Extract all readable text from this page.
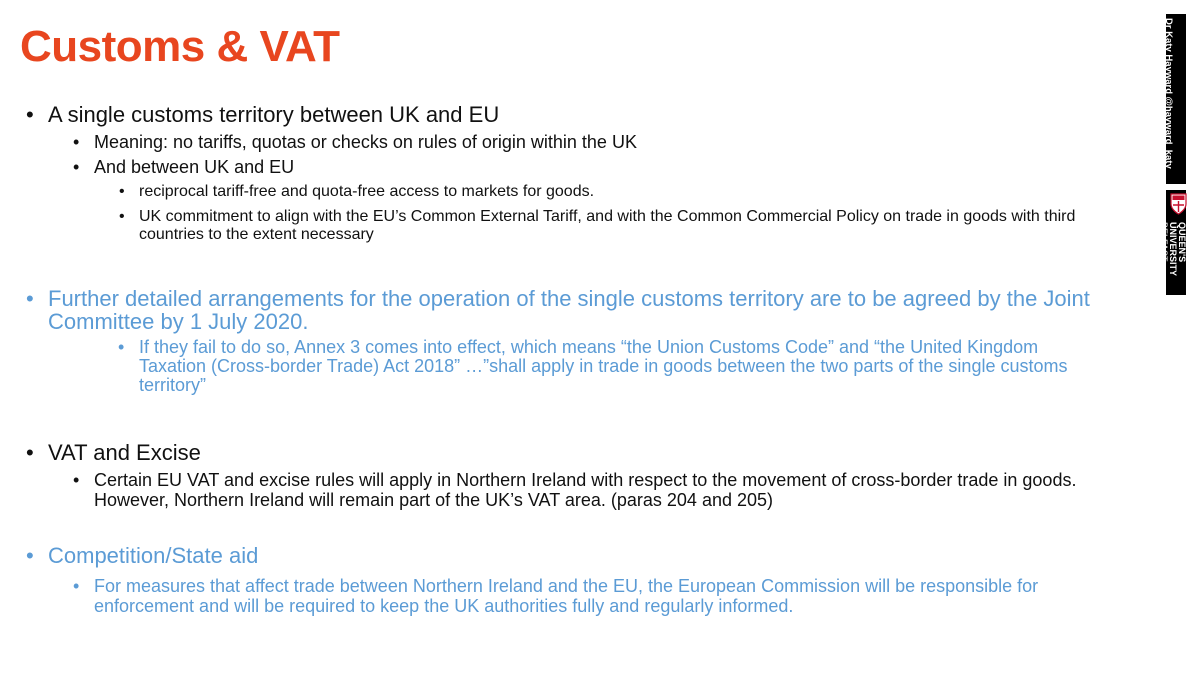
Customs & VAT
• A single customs territory between UK and EU
• Meaning: no tariffs, quotas or checks on rules of origin within the UK
• And between UK and EU
• reciprocal tariff-free and quota-free access to markets for goods.
• UK commitment to align with the EU’s Common External Tariff, and with the Common Commercial Policy on trade in goods with third countries to the extent necessary
• Further detailed arrangements for the operation of the single customs territory are to be agreed by the Joint Committee by 1 July 2020.
• If they fail to do so, Annex 3 comes into effect, which means “the Union Customs Code” and “the United Kingdom Taxation (Cross-border Trade) Act 2018” …”shall apply in trade in goods between the two parts of the single customs territory”
• VAT and Excise
• Certain EU VAT and excise rules will apply in Northern Ireland with respect to the movement of cross-border trade in goods. However, Northern Ireland will remain part of the UK’s VAT area. (paras 204 and 205)
• Competition/State aid
• For measures that affect trade between Northern Ireland and the EU, the European Commission will be responsible for enforcement and will be required to keep the UK authorities fully and regularly informed.
Dr Katy Hayward @hayward_katy
Work in Progress; Comments welcome
QUEEN'S
UNIVERSITY
BELFAST
